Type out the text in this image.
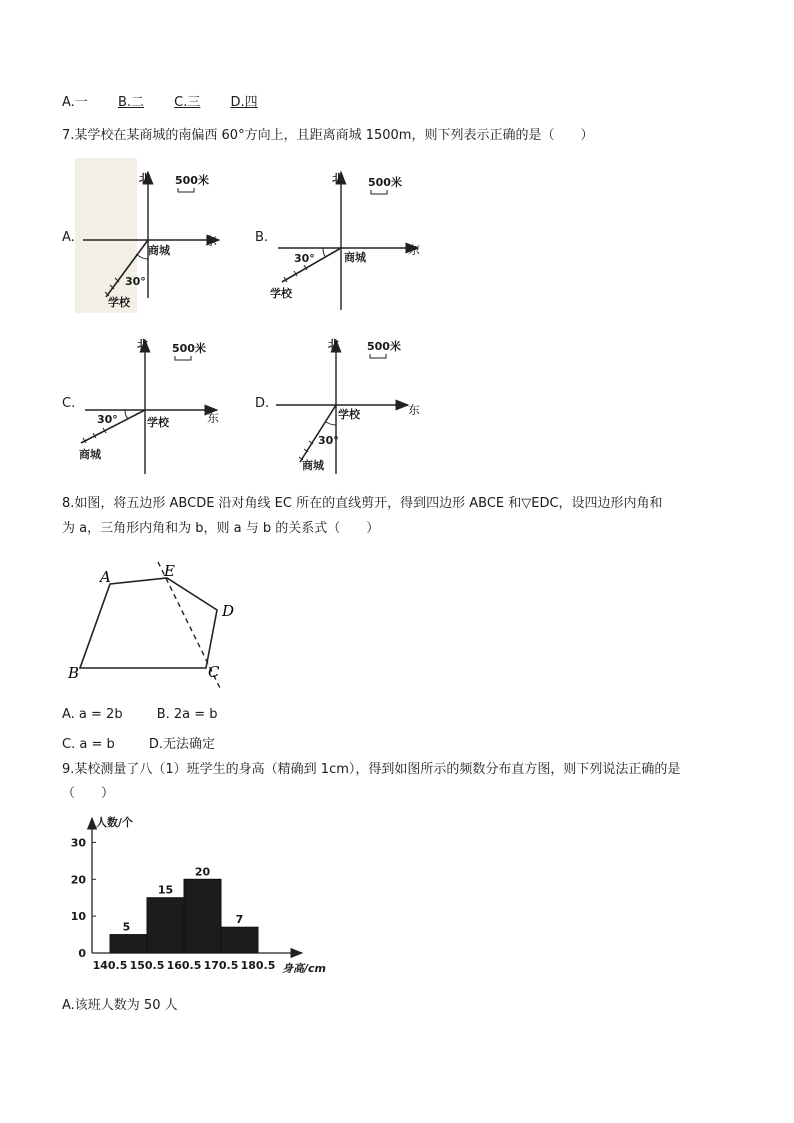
A.一 B.二 C.三 D.四
7.某学校在某商城的南偏西 60°方向上，且距离商城 1500m，则下列表示正确的是（　　）
A.	B.
C.	D.
北
东
500米
商城
30°
学校
北
东
500米
商城
30°
学校
北
东
500米
学校
30°
商城
北
东
500米
学校
30°
商城
8.如图，将五边形 ABCDE 沿对角线 EC 所在的直线剪开，得到四边形 ABCE 和▽EDC，设四边形内角和
为 a，三角形内角和为 b，则 a 与 b 的关系式（　　）
A	E
D
C
B
A. a = 2b	B. 2a = b
C. a = b	D.无法确定
9.某校测量了八（1）班学生的身高（精确到 1cm），得到如图所示的频数分布直方图，则下列说法正确的是
（　　）
人数/个
身高/cm
0
10
20
30
5
15
20
7
140.5 150.5 160.5 170.5 180.5
A.该班人数为 50 人
